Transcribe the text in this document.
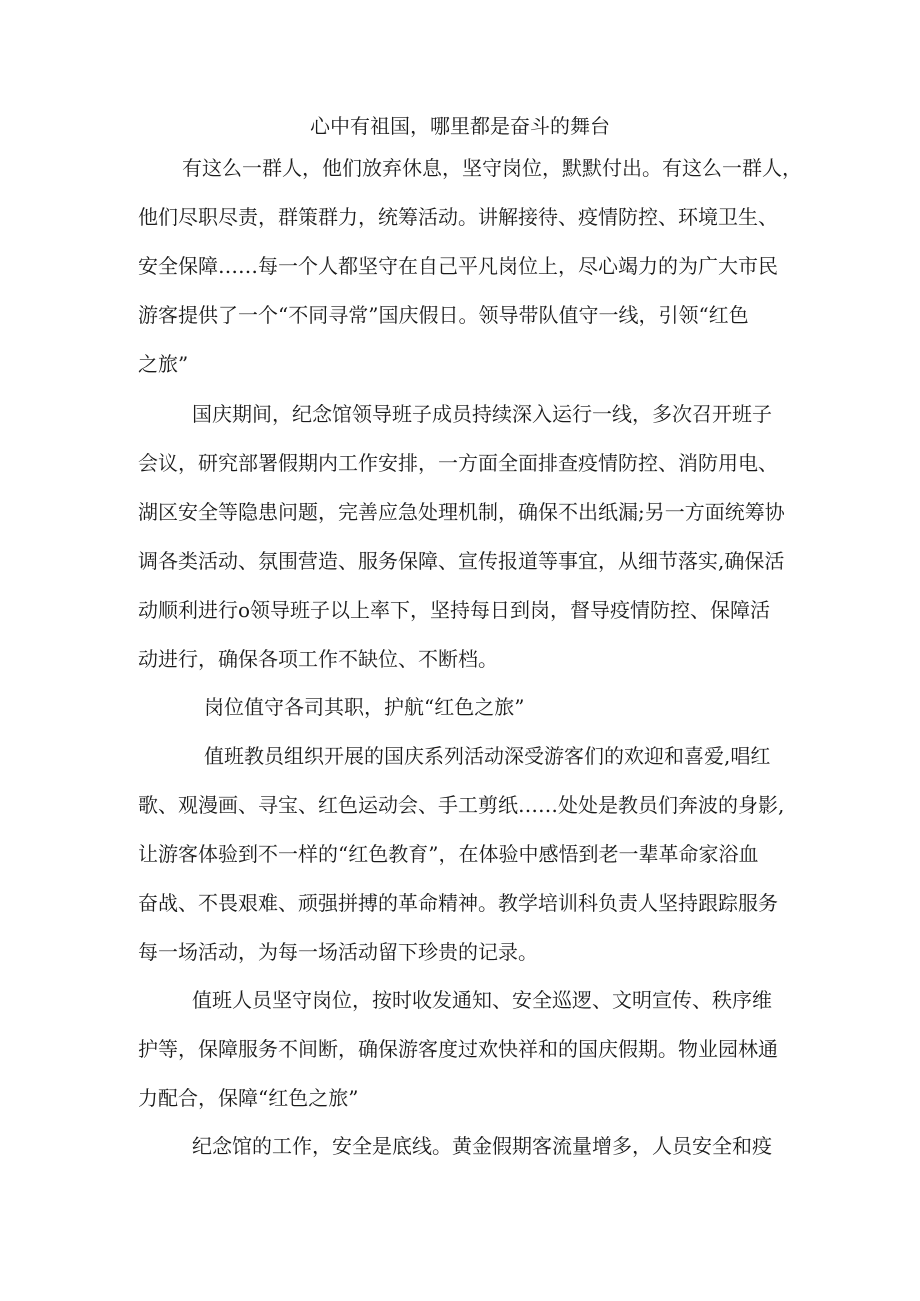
心中有祖国，哪里都是奋斗的舞台
有这么一群人，他们放弃休息，坚守岗位，默默付出。有这么一群人，
他们尽职尽责，群策群力，统筹活动。讲解接待、疫情防控、环境卫生、
安全保障……每一个人都坚守在自己平凡岗位上，尽心竭力的为广大市民
游客提供了一个“不同寻常”国庆假日。领导带队值守一线，引领“红色
之旅”
国庆期间，纪念馆领导班子成员持续深入运行一线，多次召开班子
会议，研究部署假期内工作安排，一方面全面排查疫情防控、消防用电、
湖区安全等隐患问题，完善应急处理机制，确保不出纸漏;另一方面统筹协
调各类活动、氛围营造、服务保障、宣传报道等事宜，从细节落实,确保活
动顺利进行o领导班子以上率下，坚持每日到岗，督导疫情防控、保障活
动进行，确保各项工作不缺位、不断档。
岗位值守各司其职，护航“红色之旅”
值班教员组织开展的国庆系列活动深受游客们的欢迎和喜爱,唱红
歌、观漫画、寻宝、红色运动会、手工剪纸……处处是教员们奔波的身影,
让游客体验到不一样的“红色教育”，在体验中感悟到老一辈革命家浴血
奋战、不畏艰难、顽强拼搏的革命精神。教学培训科负责人坚持跟踪服务
每一场活动，为每一场活动留下珍贵的记录。
值班人员坚守岗位，按时收发通知、安全巡逻、文明宣传、秩序维
护等，保障服务不间断，确保游客度过欢快祥和的国庆假期。物业园林通
力配合，保障“红色之旅”
纪念馆的工作，安全是底线。黄金假期客流量增多，人员安全和疫
